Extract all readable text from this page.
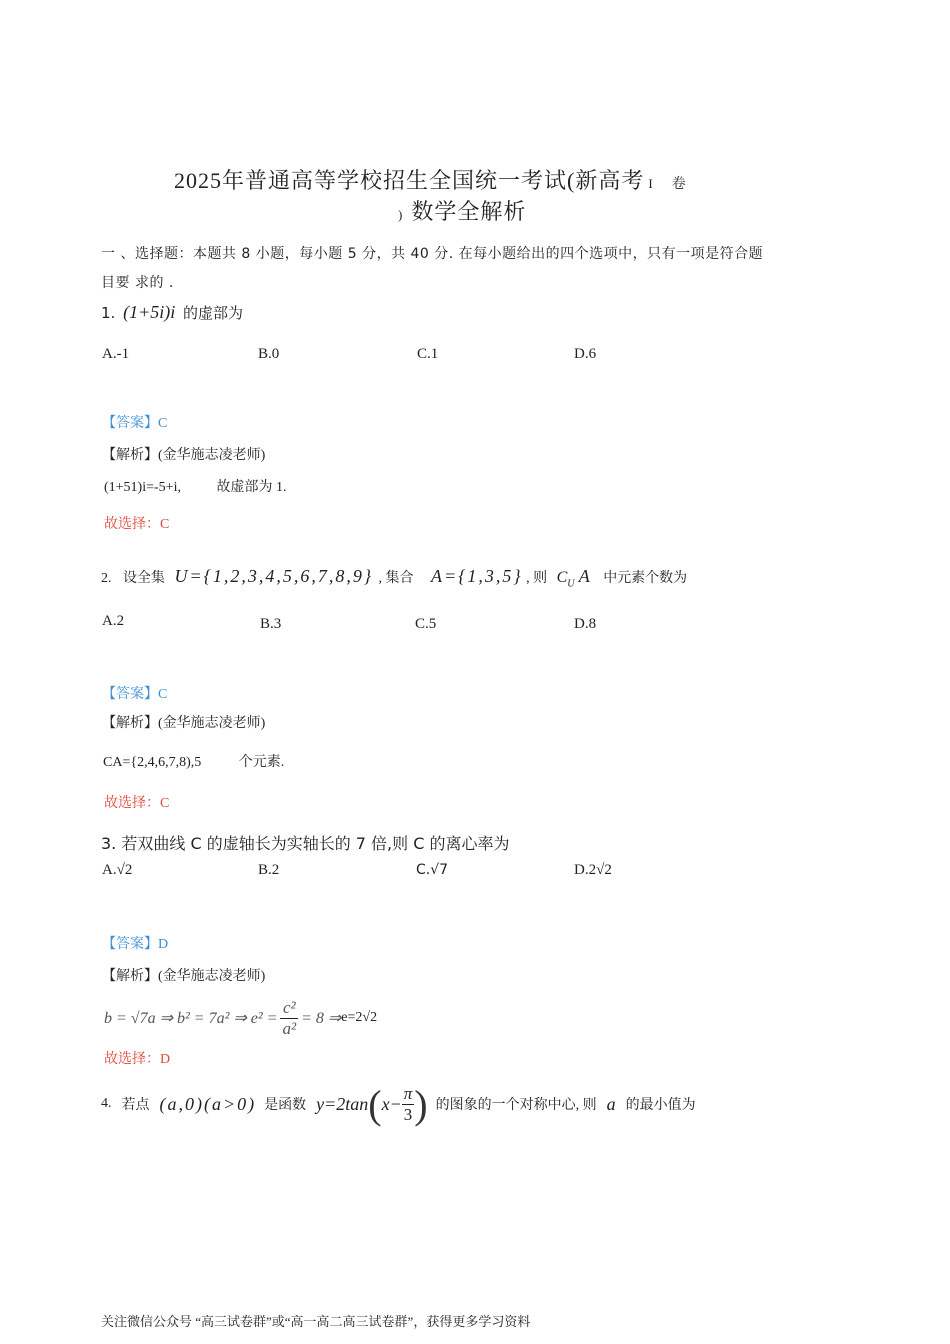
2025年普通高等学校招生全国统一考试(新高考 I 卷
) 数学全解析
一 、选择题：本题共 8 小题，每小题 5 分，共 40 分. 在每小题给出的四个选项中，只有一项是符合题
目要 求的 .
1. (1+5i)i 的虚部为
A.-1	B.0	C.1	D.6
【答案】C
【解析】(金华施志凌老师)
(1+51)i=-5+i,	故虚部为 1.
故选择：C
2. 设全集 U={1,2,3,4,5,6,7,8,9} , 集合 A={1,3,5} , 则 $C_U$ A 中元素个数为
A.2	B.3	C.5	D.8
【答案】C
【解析】(金华施志凌老师)
CA={2,4,6,7,8),5	个元素.
故选择：C
3. 若双曲线 C 的虚轴长为实轴长的 7 倍,则 C 的离心率为
A.√2	B.2	C.√7	D.2√2
【答案】D
【解析】(金华施志凌老师)
b = √7a ⇒ b² = 7a² ⇒ $e^2 = \frac{\text{c²}}{\text{a²}} = 8$ ⇒ e=2√2
故选择：D
4. 若点 (a,0)(a>0) 是函数 y=2tan ( $x- \frac{\pi}{3}$ ) 的图象的一个对称中心, 则 a 的最小值为
关注微信公众号 “高三试卷群”或“高一高二高三试卷群”，获得更多学习资料
